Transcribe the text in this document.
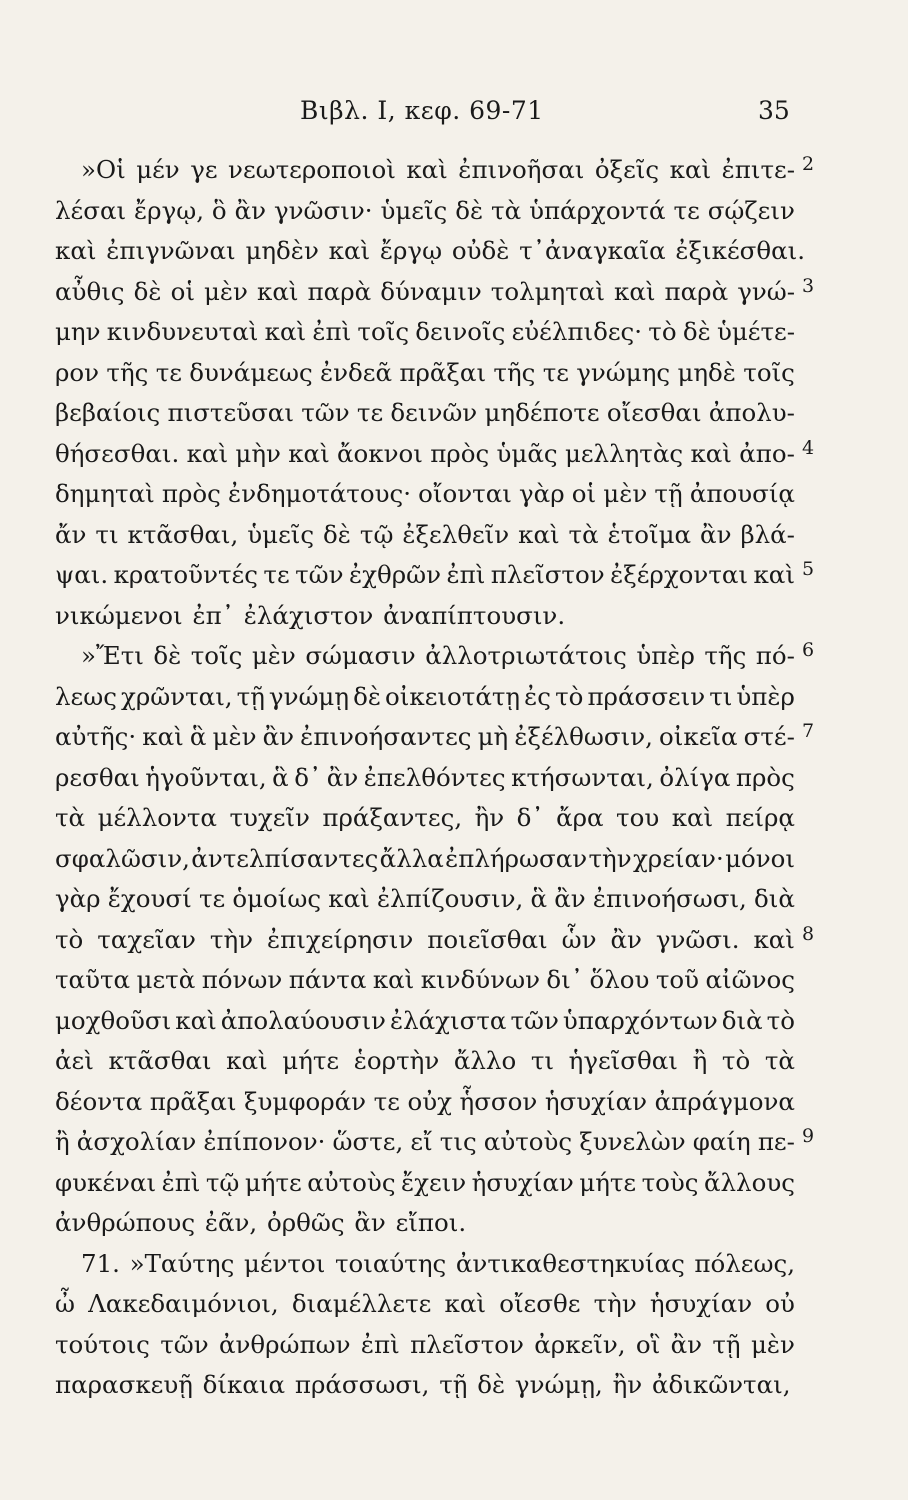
Βιβλ. I, κεφ. 69-71	35
»Οἱ μέν γε νεωτεροποιοὶ καὶ ἐπινοῆσαι ὀξεῖς καὶ ἐπιτε-
λέσαι ἔργῳ, ὃ ἂν γνῶσιν· ὑμεῖς δὲ τὰ ὑπάρχοντά τε σῴζειν
καὶ ἐπιγνῶναι μηδὲν καὶ ἔργῳ οὐδὲ τ᾽ἀναγκαῖα ἐξικέσθαι.
αὖθις δὲ οἱ μὲν καὶ παρὰ δύναμιν τολμηταὶ καὶ παρὰ γνώ-
μην κινδυνευταὶ καὶ ἐπὶ τοῖς δεινοῖς εὐέλπιδες· τὸ δὲ ὑμέτε-
ρον τῆς τε δυνάμεως ἐνδεᾶ πρᾶξαι τῆς τε γνώμης μηδὲ τοῖς
βεβαίοις πιστεῦσαι τῶν τε δεινῶν μηδέποτε οἴεσθαι ἀπολυ-
θήσεσθαι. καὶ μὴν καὶ ἄοκνοι πρὸς ὑμᾶς μελλητὰς καὶ ἀπο-
δημηταὶ πρὸς ἐνδημοτάτους· οἴονται γὰρ οἱ μὲν τῇ ἀπουσίᾳ
ἄν τι κτᾶσθαι, ὑμεῖς δὲ τῷ ἐξελθεῖν καὶ τὰ ἑτοῖμα ἂν βλά-
ψαι. κρατοῦντές τε τῶν ἐχθρῶν ἐπὶ πλεῖστον ἐξέρχονται καὶ
νικώμενοι ἐπ᾽ ἐλάχιστον ἀναπίπτουσιν.
»Ἔτι δὲ τοῖς μὲν σώμασιν ἀλλοτριωτάτοις ὑπὲρ τῆς πό-
λεως χρῶνται, τῇ γνώμῃ δὲ οἰκειοτάτῃ ἐς τὸ πράσσειν τι ὑπὲρ
αὐτῆς· καὶ ἃ μὲν ἂν ἐπινοήσαντες μὴ ἐξέλθωσιν, οἰκεῖα στέ-
ρεσθαι ἡγοῦνται, ἃ δ᾽ ἂν ἐπελθόντες κτήσωνται, ὀλίγα πρὸς
τὰ μέλλοντα τυχεῖν πράξαντες, ἢν δ᾽ ἄρα του καὶ πείρᾳ
σφαλῶσιν, ἀντελπίσαντες ἄλλα ἐπλήρωσαν τὴν χρείαν· μόνοι
γὰρ ἔχουσί τε ὁμοίως καὶ ἐλπίζουσιν, ἃ ἂν ἐπινοήσωσι, διὰ
τὸ ταχεῖαν τὴν ἐπιχείρησιν ποιεῖσθαι ὧν ἂν γνῶσι. καὶ
ταῦτα μετὰ πόνων πάντα καὶ κινδύνων δι᾽ ὅλου τοῦ αἰῶνος
μοχθοῦσι καὶ ἀπολαύουσιν ἐλάχιστα τῶν ὑπαρχόντων διὰ τὸ
ἀεὶ κτᾶσθαι καὶ μήτε ἑορτὴν ἄλλο τι ἡγεῖσθαι ἢ τὸ τὰ
δέοντα πρᾶξαι ξυμφοράν τε οὐχ ἧσσον ἡσυχίαν ἀπράγμονα
ἢ ἀσχολίαν ἐπίπονον· ὥστε, εἴ τις αὐτοὺς ξυνελὼν φαίη πε-
φυκέναι ἐπὶ τῷ μήτε αὐτοὺς ἔχειν ἡσυχίαν μήτε τοὺς ἄλλους
ἀνθρώπους ἐᾶν, ὀρθῶς ἂν εἴποι.
71. »Ταύτης μέντοι τοιαύτης ἀντικαθεστηκυίας πόλεως,
ὦ Λακεδαιμόνιοι, διαμέλλετε καὶ οἴεσθε τὴν ἡσυχίαν οὐ
τούτοις τῶν ἀνθρώπων ἐπὶ πλεῖστον ἀρκεῖν, οἳ ἂν τῇ μὲν
παρασκευῇ δίκαια πράσσωσι, τῇ δὲ γνώμῃ, ἢν ἀδικῶνται,
2
3
4
5
6
7
8
9
